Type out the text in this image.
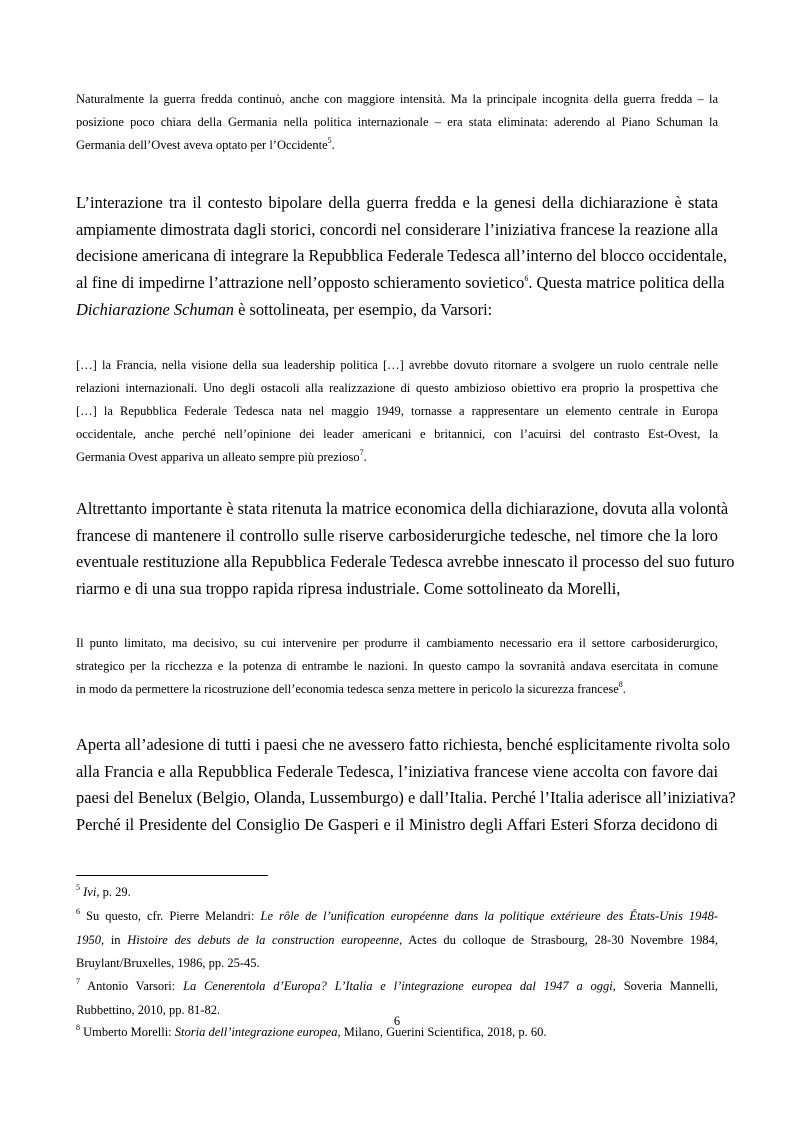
Naturalmente la guerra fredda continuò, anche con maggiore intensità. Ma la principale incognita della guerra fredda – la
posizione poco chiara della Germania nella politica internazionale – era stata eliminata: aderendo al Piano Schuman la
Germania dell’Ovest aveva optato per l’Occidente$^5$.
L’interazione tra il contesto bipolare della guerra fredda e la genesi della dichiarazione è stata
ampiamente dimostrata dagli storici, concordi nel considerare l’iniziativa francese la reazione alla
decisione americana di integrare la Repubblica Federale Tedesca all’interno del blocco occidentale,
al fine di impedirne l’attrazione nell’opposto schieramento sovietico$^6$. Questa matrice politica della
Dichiarazione Schuman è sottolineata, per esempio, da Varsori:
[…] la Francia, nella visione della sua leadership politica […] avrebbe dovuto ritornare a svolgere un ruolo centrale nelle
relazioni internazionali. Uno degli ostacoli alla realizzazione di questo ambizioso obiettivo era proprio la prospettiva che
[…] la Repubblica Federale Tedesca nata nel maggio 1949, tornasse a rappresentare un elemento centrale in Europa
occidentale, anche perché nell’opinione dei leader americani e britannici, con l’acuirsi del contrasto Est-Ovest, la
Germania Ovest appariva un alleato sempre più prezioso$^7$.
Altrettanto importante è stata ritenuta la matrice economica della dichiarazione, dovuta alla volontà
francese di mantenere il controllo sulle riserve carbosiderurgiche tedesche, nel timore che la loro
eventuale restituzione alla Repubblica Federale Tedesca avrebbe innescato il processo del suo futuro
riarmo e di una sua troppo rapida ripresa industriale. Come sottolineato da Morelli,
Il punto limitato, ma decisivo, su cui intervenire per produrre il cambiamento necessario era il settore carbosiderurgico,
strategico per la ricchezza e la potenza di entrambe le nazioni. In questo campo la sovranità andava esercitata in comune
in modo da permettere la ricostruzione dell’economia tedesca senza mettere in pericolo la sicurezza francese$^8$.
Aperta all’adesione di tutti i paesi che ne avessero fatto richiesta, benché esplicitamente rivolta solo
alla Francia e alla Repubblica Federale Tedesca, l’iniziativa francese viene accolta con favore dai
paesi del Benelux (Belgio, Olanda, Lussemburgo) e dall’Italia. Perché l’Italia aderisce all’iniziativa?
Perché il Presidente del Consiglio De Gasperi e il Ministro degli Affari Esteri Sforza decidono di
$^5$ Ivi, p. 29.
$^6$ Su questo, cfr. Pierre Melandri: Le rôle de l’unification européenne dans la politique extérieure des États-Unis 1948-
1950, in Histoire des debuts de la construction europeenne, Actes du colloque de Strasbourg, 28-30 Novembre 1984,
Bruylant/Bruxelles, 1986, pp. 25-45.
$^7$ Antonio Varsori: La Cenerentola d’Europa? L’Italia e l’integrazione europea dal 1947 a oggi, Soveria Mannelli,
Rubbettino, 2010, pp. 81-82.
$^8$ Umberto Morelli: Storia dell’integrazione europea, Milano, Guerini Scientifica, 2018, p. 60.
6
